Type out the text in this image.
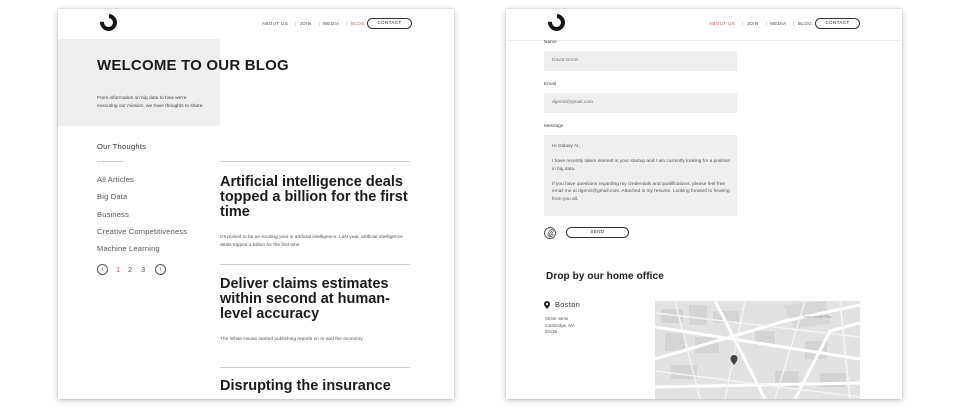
ABOUT US | JOIN | MEDIA | BLOG	CONTACT
WELCOME TO OUR BLOG
From information on big data to how we're executing our mission, we have thoughts to share.
Our Thoughts
All Articles
Big Data
Business
Creative Competitiveness
Machine Learning
‹	1 2 3	›
Artificial intelligence deals topped a billion for the first time
It's poised to be an exciting year in artificial intelligence. Last year, artificial intelligence deals topped a billion for the first time.
Deliver claims estimates within second at human-level accuracy
The White House started publishing reports on AI and the economy.
Disrupting the insurance
ABOUT US | JOIN | MEDIA | BLOG	CONTACT
Name
David Genzi
Email
dgenzi@gmail.com
Message

Hi Galaxy AI,

I have recently taken interest in your startup and I am currently looking for a position in big data.

If you have questions regarding my credentials and qualifications, please feel free email me at dgenzi@gmail.com. Attached is my resume. Looking forward to hearing from you all.

SEND
Drop by our home office
Boston
Street name
Cambridge, MA
02139
Joan Lorentz Park
